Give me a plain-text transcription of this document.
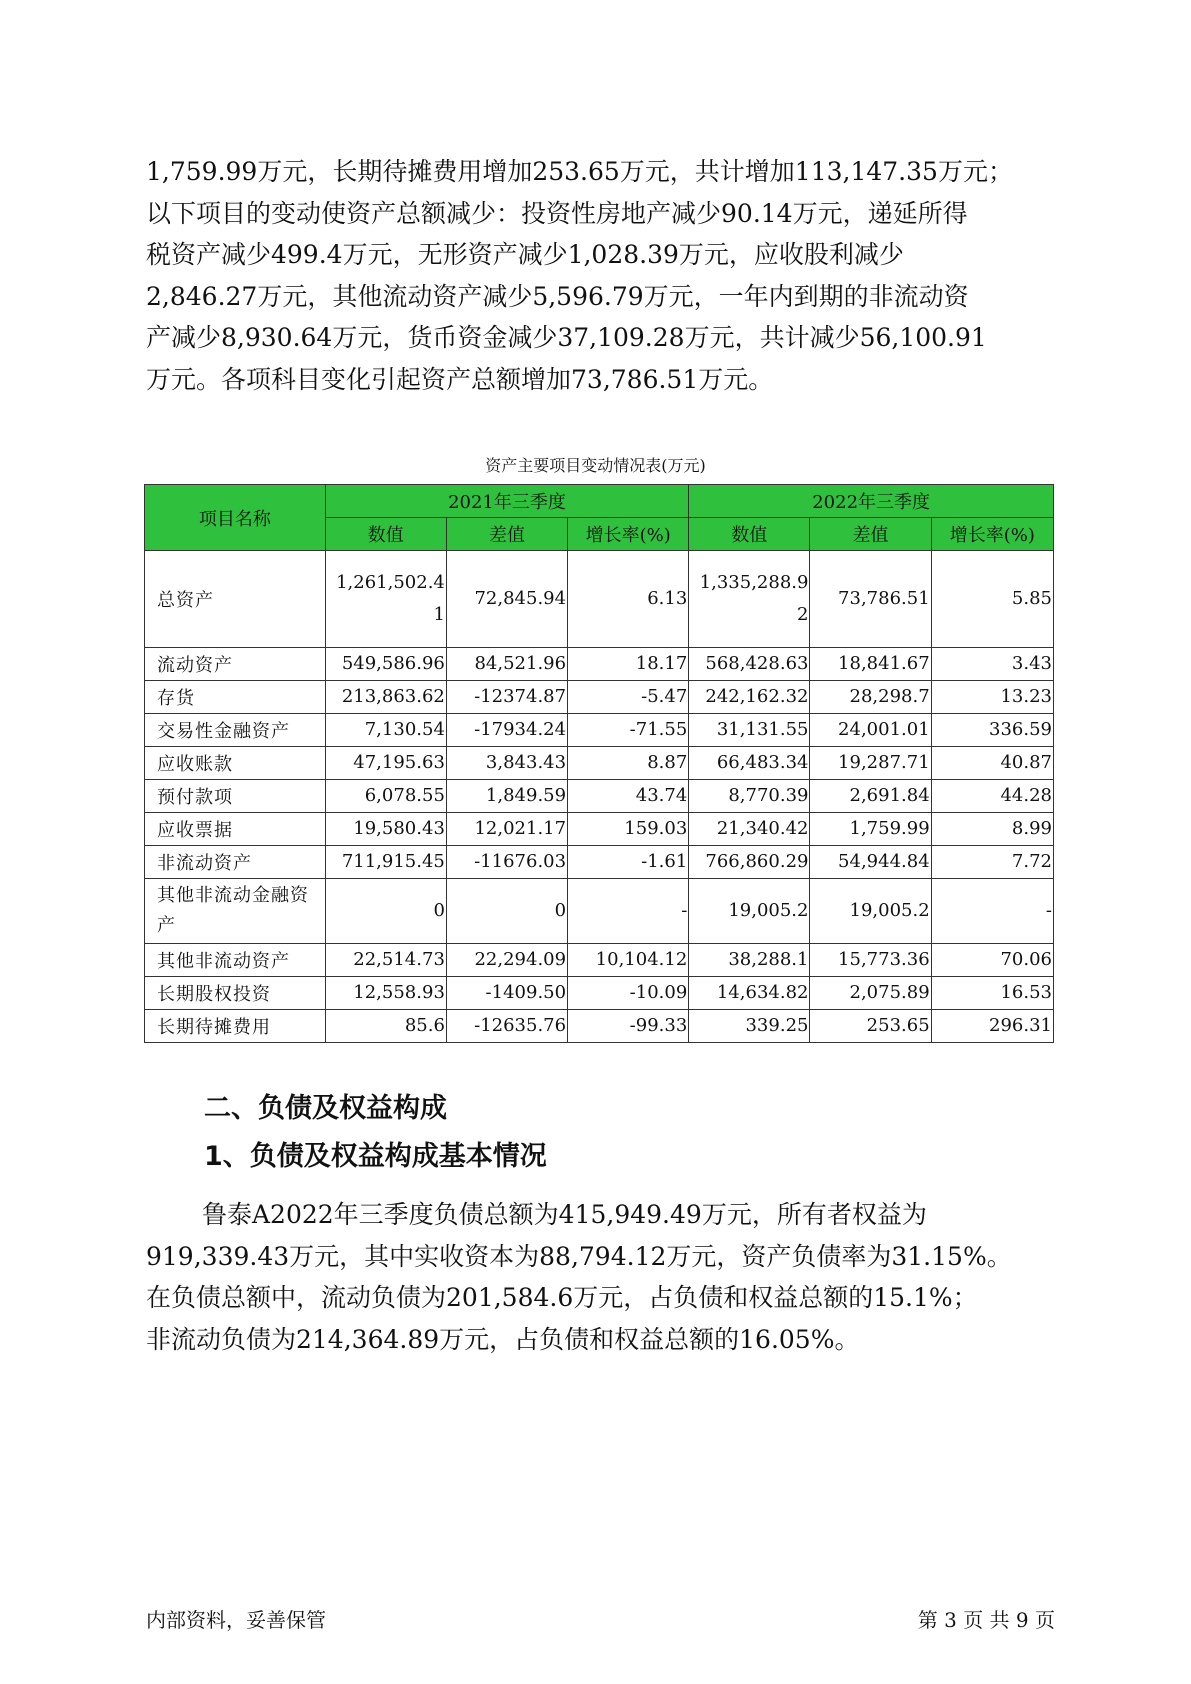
1,759.99万元，长期待摊费用增加253.65万元，共计增加113,147.35万元；
以下项目的变动使资产总额减少：投资性房地产减少90.14万元，递延所得
税资产减少499.4万元，无形资产减少1,028.39万元，应收股利减少
2,846.27万元，其他流动资产减少5,596.79万元，一年内到期的非流动资
产减少8,930.64万元，货币资金减少37,109.28万元，共计减少56,100.91
万元。各项科目变化引起资产总额增加73,786.51万元。
资产主要项目变动情况表(万元)
项目名称	2021年三季度			2022年三季度		
	数值	差值	增长率(%)	数值	差值	增长率(%)
总资产	1,261,502.41	72,845.94	6.13	1,335,288.92	73,786.51	5.85
流动资产	549,586.96	84,521.96	18.17	568,428.63	18,841.67	3.43
存货	213,863.62	-12374.87	-5.47	242,162.32	28,298.7	13.23
交易性金融资产	7,130.54	-17934.24	-71.55	31,131.55	24,001.01	336.59
应收账款	47,195.63	3,843.43	8.87	66,483.34	19,287.71	40.87
预付款项	6,078.55	1,849.59	43.74	8,770.39	2,691.84	44.28
应收票据	19,580.43	12,021.17	159.03	21,340.42	1,759.99	8.99
非流动资产	711,915.45	-11676.03	-1.61	766,860.29	54,944.84	7.72
其他非流动金融资产	0	0	-	19,005.2	19,005.2	-
其他非流动资产	22,514.73	22,294.09	10,104.12	38,288.1	15,773.36	70.06
长期股权投资	12,558.93	-1409.50	-10.09	14,634.82	2,075.89	16.53
长期待摊费用	85.6	-12635.76	-99.33	339.25	253.65	296.31
二、负债及权益构成
1、负债及权益构成基本情况
鲁泰A2022年三季度负债总额为415,949.49万元，所有者权益为
919,339.43万元，其中实收资本为88,794.12万元，资产负债率为31.15%。
在负债总额中，流动负债为201,584.6万元，占负债和权益总额的15.1%；
非流动负债为214,364.89万元，占负债和权益总额的16.05%。
内部资料，妥善保管	第 3 页 共 9 页
